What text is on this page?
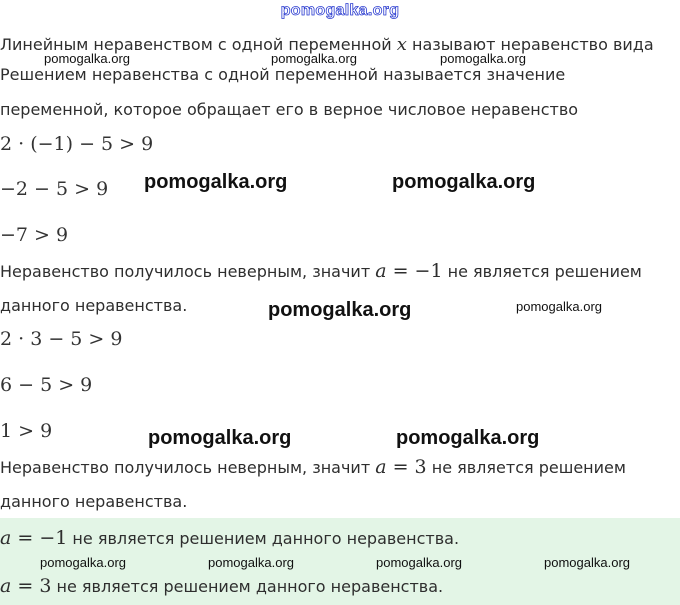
pomogalka.org
Линейным неравенством с одной переменной x называют неравенство вида
Решением неравенства с одной переменной называется значение
переменной, которое обращает его в верное числовое неравенство
2 · (−1) − 5 > 9
−2 − 5 > 9
−7 > 9
Неравенство получилось неверным, значит a = −1 не является решением
данного неравенства.
2 · 3 − 5 > 9
6 − 5 > 9
1 > 9
Неравенство получилось неверным, значит a = 3 не является решением
данного неравенства.
a = −1 не является решением данного неравенства.
a = 3 не является решением данного неравенства.
pomogalka.org	pomogalka.org	pomogalka.org
pomogalka.org	pomogalka.org
pomogalka.org	pomogalka.org
pomogalka.org	pomogalka.org
pomogalka.org	pomogalka.org	pomogalka.org	pomogalka.org
